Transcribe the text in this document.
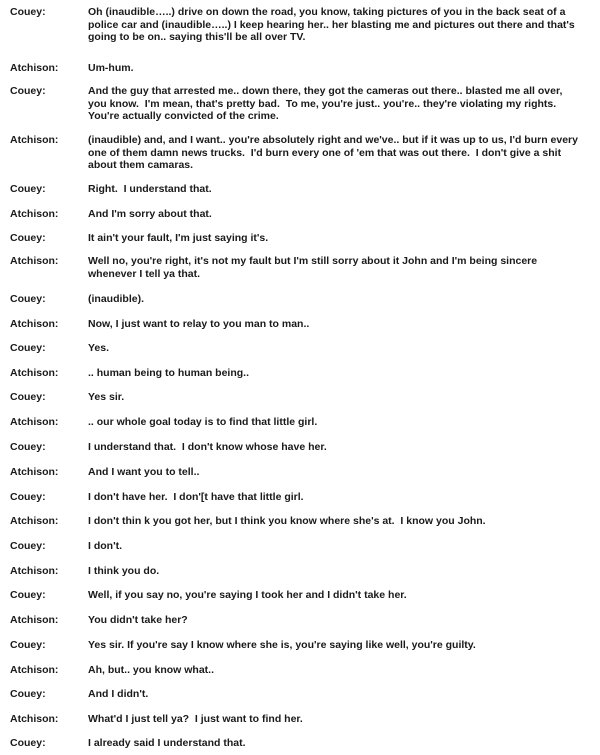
Couey:	Oh (inaudible…..) drive on down the road, you know, taking pictures of you in the back seat of a
police car and (inaudible…..) I keep hearing her.. her blasting me and pictures out there and that's
going to be on.. saying this'll be all over TV.
Atchison:	Um-hum.
Couey:	And the guy that arrested me.. down there, they got the cameras out there.. blasted me all over,
you know.  I'm mean, that's pretty bad.  To me, you're just.. you're.. they're violating my rights.
You're actually convicted of the crime.
Atchison:	(inaudible) and, and I want.. you're absolutely right and we've.. but if it was up to us, I'd burn every
one of them damn news trucks.  I'd burn every one of 'em that was out there.  I don't give a shit
about them camaras.
Couey:	Right.  I understand that.
Atchison:	And I'm sorry about that.
Couey:	It ain't your fault, I'm just saying it's.
Atchison:	Well no, you're right, it's not my fault but I'm still sorry about it John and I'm being sincere
whenever I tell ya that.
Couey:	(inaudible).
Atchison:	Now, I just want to relay to you man to man..
Couey:	Yes.
Atchison:	.. human being to human being..
Couey:	Yes sir.
Atchison:	.. our whole goal today is to find that little girl.
Couey:	I understand that.  I don't know whose have her.
Atchison:	And I want you to tell..
Couey:	I don't have her.  I don'[t have that little girl.
Atchison:	I don't thin k you got her, but I think you know where she's at.  I know you John.
Couey:	I don't.
Atchison:	I think you do.
Couey:	Well, if you say no, you're saying I took her and I didn't take her.
Atchison:	You didn't take her?
Couey:	Yes sir. If you're say I know where she is, you're saying like well, you're guilty.
Atchison:	Ah, but.. you know what..
Couey:	And I didn't.
Atchison:	What'd I just tell ya?  I just want to find her.
Couey:	I already said I understand that.
